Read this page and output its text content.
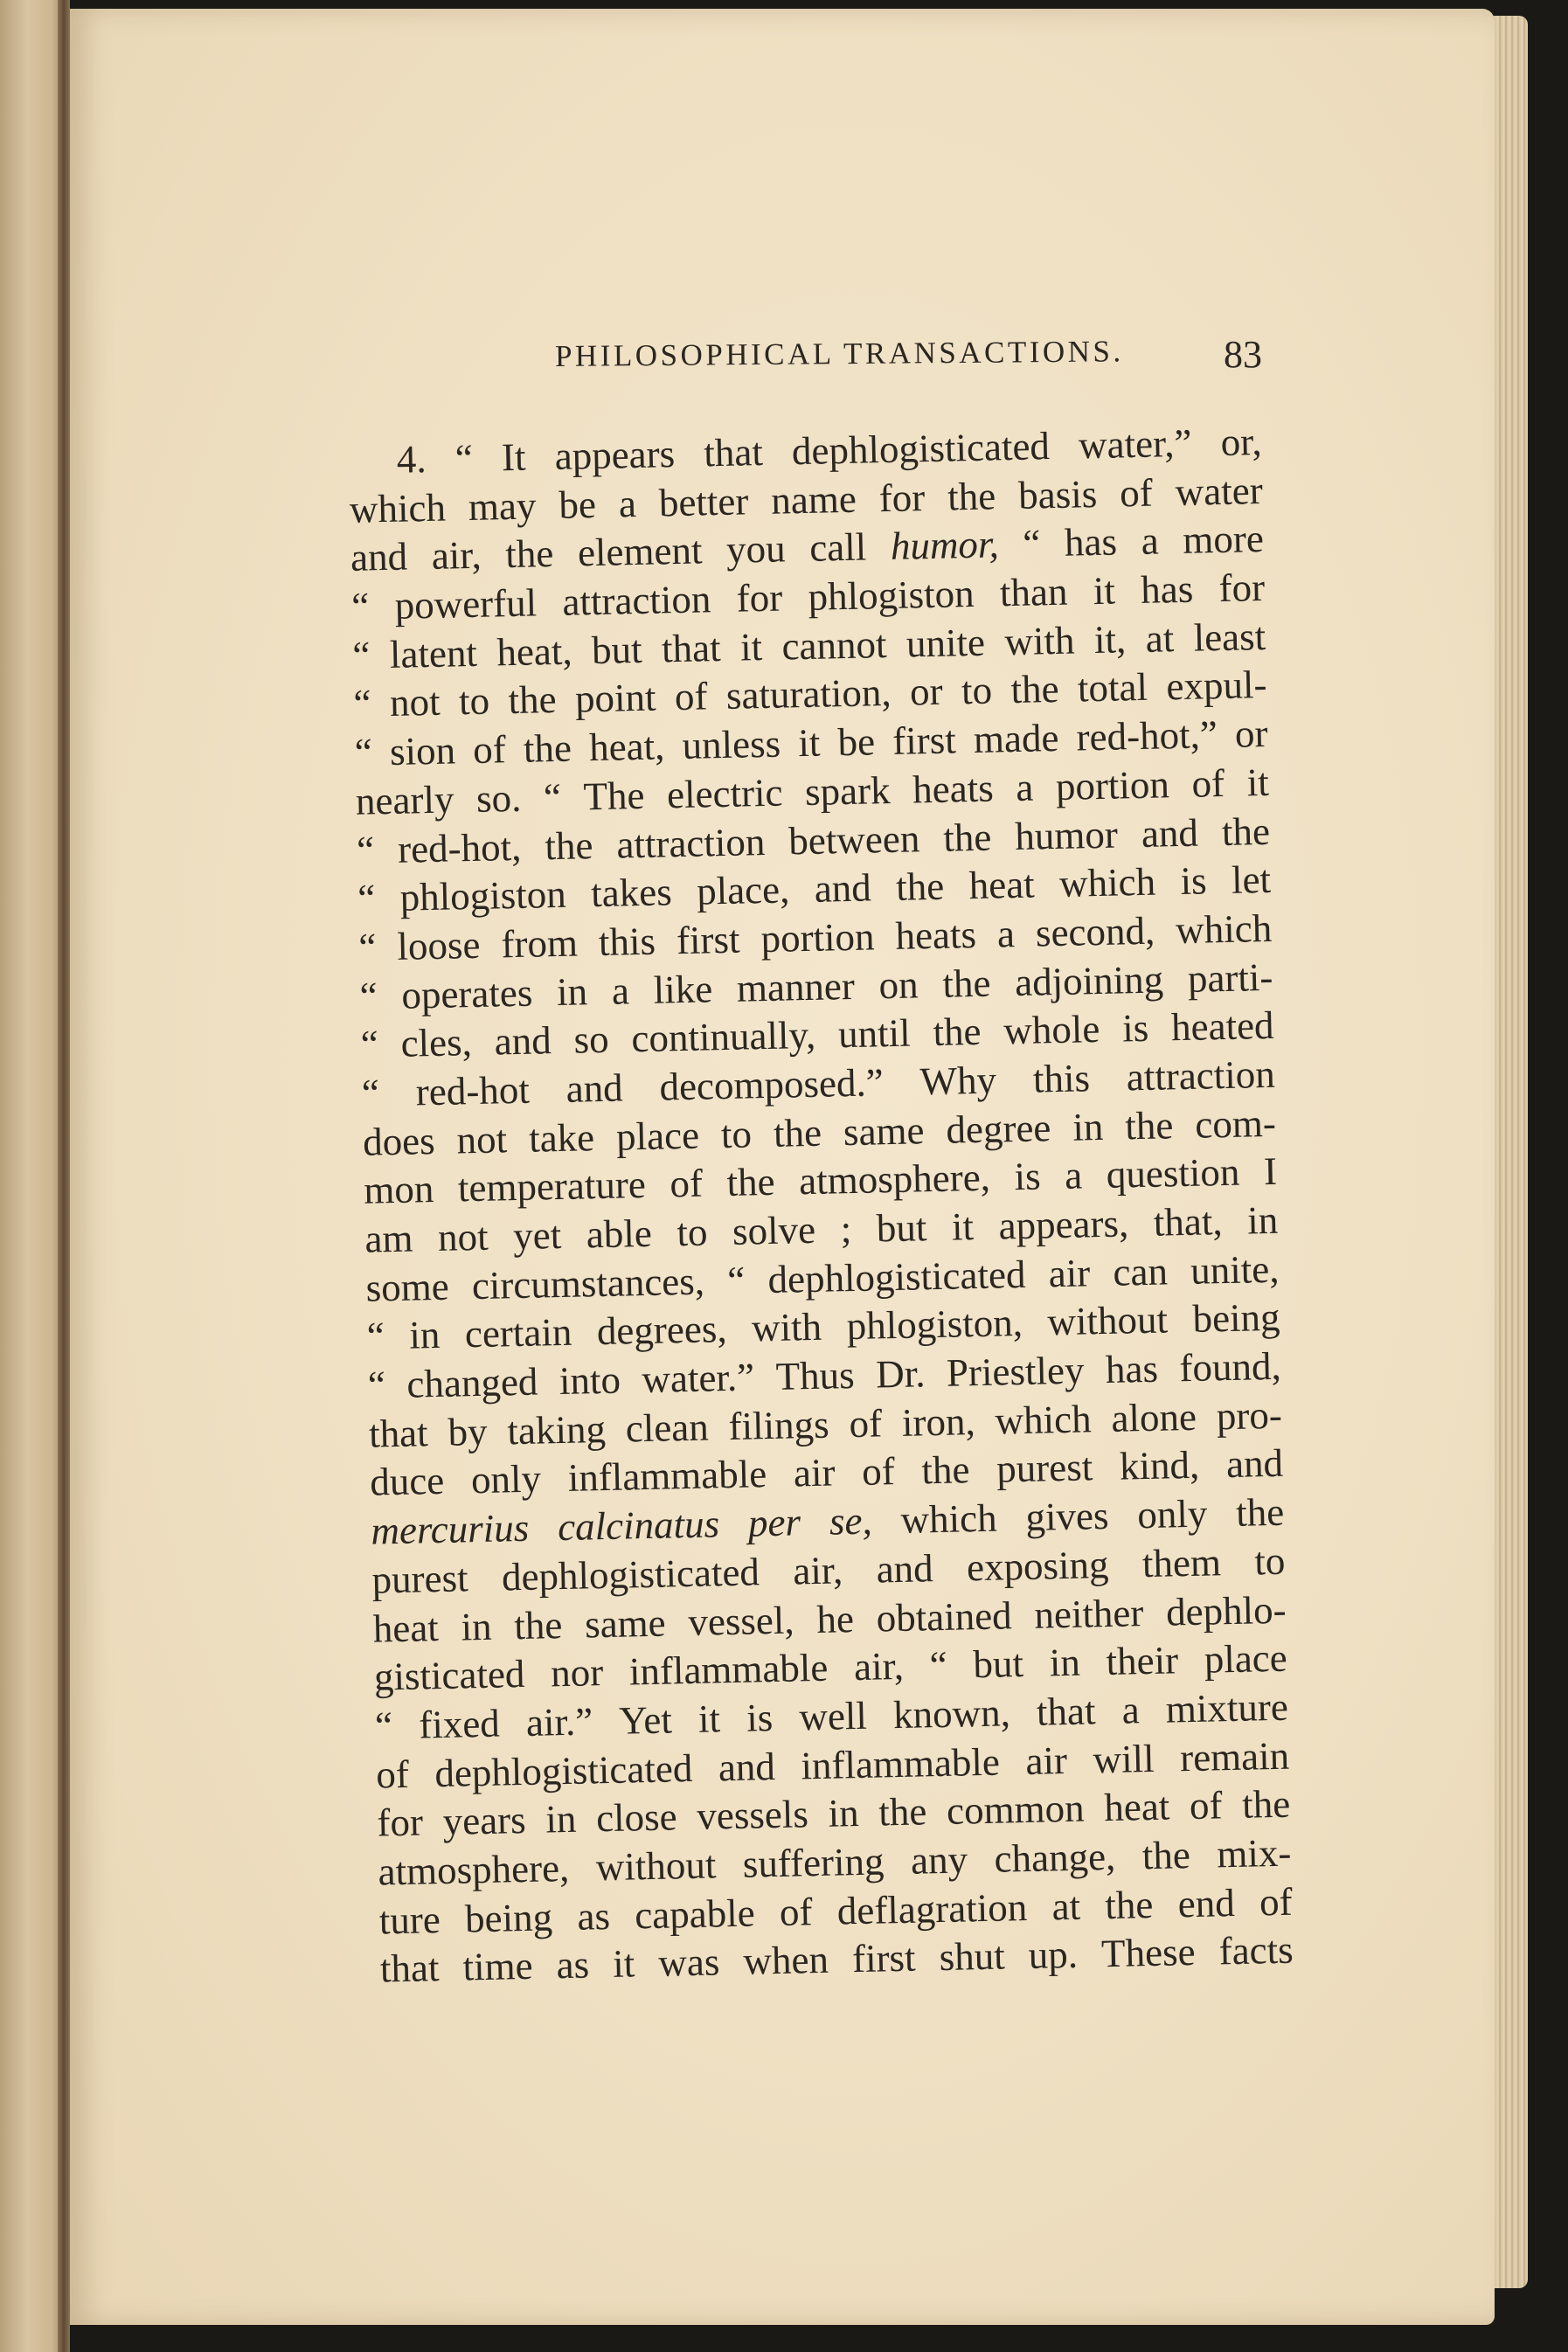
PHILOSOPHICAL TRANSACTIONS.	83
4. “ It appears that dephlogisticated water,” or,
which may be a better name for the basis of water
and air, the element you call humor, “ has a more
“ powerful attraction for phlogiston than it has for
“ latent heat, but that it cannot unite with it, at least
“ not to the point of saturation, or to the total expul-
“ sion of the heat, unless it be first made red-hot,” or
nearly so. “ The electric spark heats a portion of it
“ red-hot, the attraction between the humor and the
“ phlogiston takes place, and the heat which is let
“ loose from this first portion heats a second, which
“ operates in a like manner on the adjoining parti-
“ cles, and so continually, until the whole is heated
“ red-hot and decomposed.” Why this attraction
does not take place to the same degree in the com-
mon temperature of the atmosphere, is a question I
am not yet able to solve ; but it appears, that, in
some circumstances, “ dephlogisticated air can unite,
“ in certain degrees, with phlogiston, without being
“ changed into water.” Thus Dr. Priestley has found,
that by taking clean filings of iron, which alone pro-
duce only inflammable air of the purest kind, and
mercurius calcinatus per se, which gives only the
purest dephlogisticated air, and exposing them to
heat in the same vessel, he obtained neither dephlo-
gisticated nor inflammable air, “ but in their place
“ fixed air.” Yet it is well known, that a mixture
of dephlogisticated and inflammable air will remain
for years in close vessels in the common heat of the
atmosphere, without suffering any change, the mix-
ture being as capable of deflagration at the end of
that time as it was when first shut up. These facts
